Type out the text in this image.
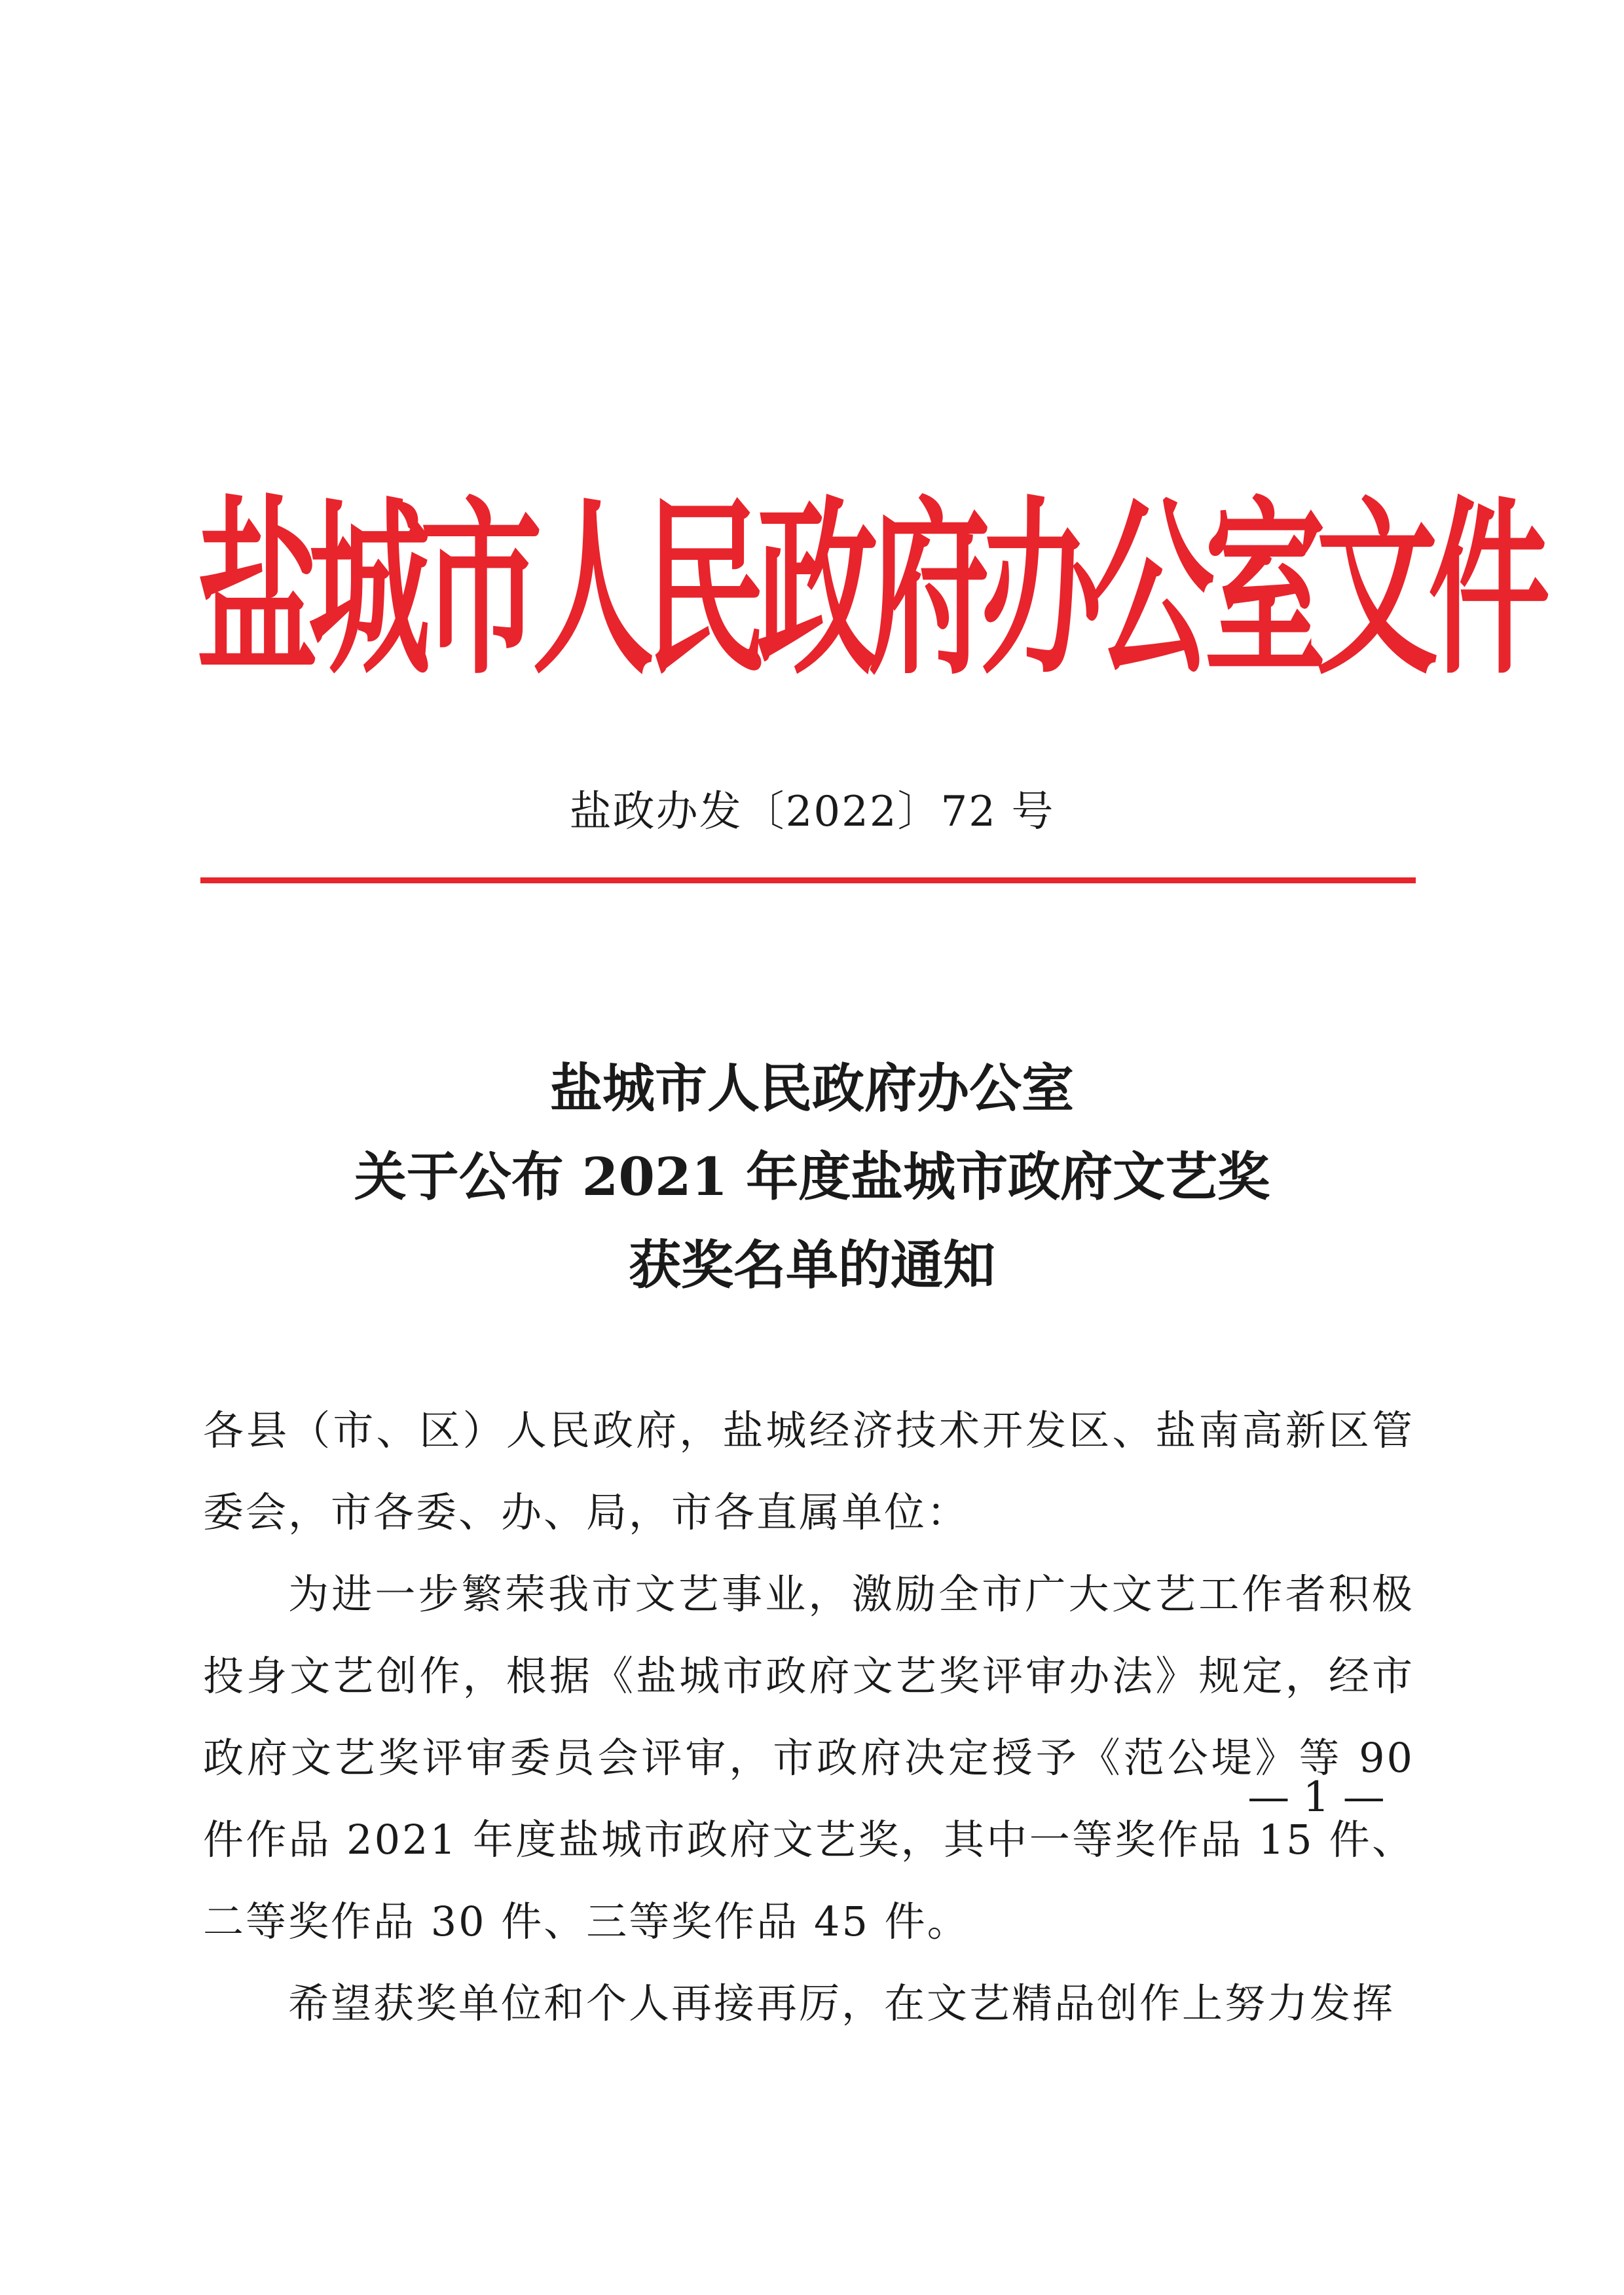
盐
城
市
人
民
政
府
办
公
室
文
件
盐政办发〔2022〕72 号
盐城市人民政府办公室
关于公布 2021 年度盐城市政府文艺奖
获奖名单的通知

各县（市、区）人民政府，盐城经济技术开发区、盐南高新区管委会，市各委、办、局，市各直属单位：

为进一步繁荣我市文艺事业，激励全市广大文艺工作者积极投身文艺创作，根据《盐城市政府文艺奖评审办法》规定，经市政府文艺奖评审委员会评审，市政府决定授予《范公堤》等 90 件作品 2021 年度盐城市政府文艺奖，其中一等奖作品 15 件、二等奖作品 30 件、三等奖作品 45 件。

希望获奖单位和个人再接再厉，在文艺精品创作上努力发挥

— 1 —
